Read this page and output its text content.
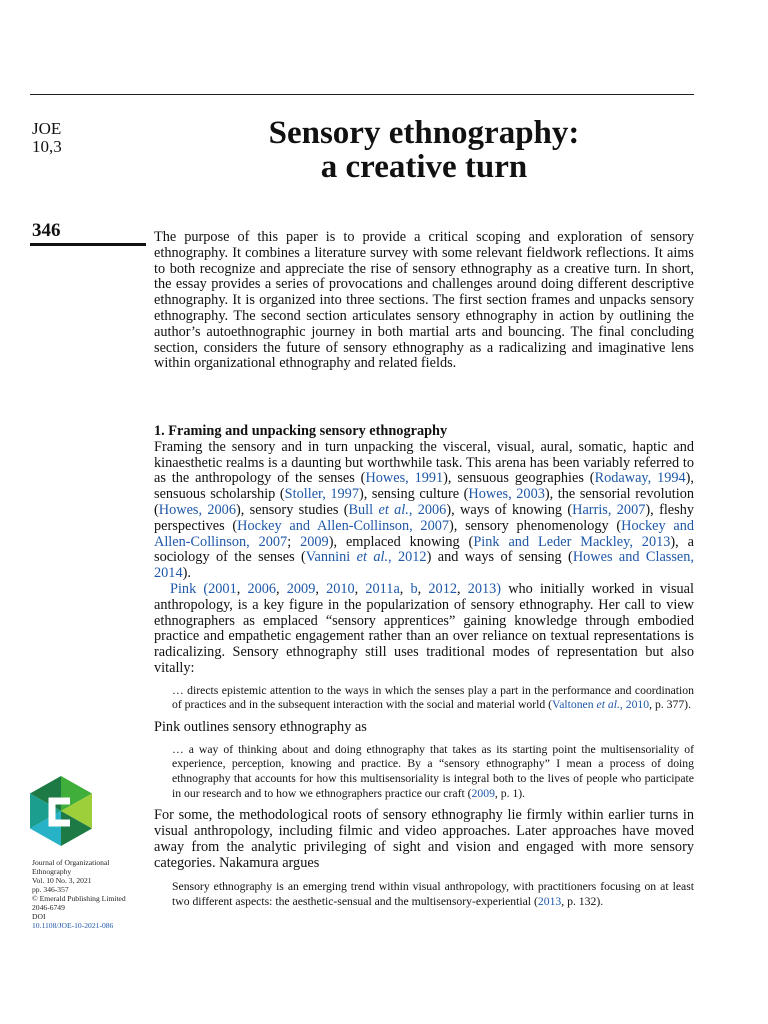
JOE
10,3	Sensory ethnography:
a creative turn
346	The purpose of this paper is to provide a critical scoping and exploration of sensory ethnography. It combines a literature survey with some relevant fieldwork reflections. It aims to both recognize and appreciate the rise of sensory ethnography as a creative turn. In short, the essay provides a series of provocations and challenges around doing different descriptive ethnography. It is organized into three sections. The first section frames and unpacks sensory ethnography. The second section articulates sensory ethnography in action by outlining the author’s autoethnographic journey in both martial arts and bouncing. The final concluding section, considers the future of sensory ethnography as a radicalizing and imaginative lens within organizational ethnography and related fields.

1. Framing and unpacking sensory ethnography

Framing the sensory and in turn unpacking the visceral, visual, aural, somatic, haptic and kinaesthetic realms is a daunting but worthwhile task. This arena has been variably referred to as the anthropology of the senses (Howes, 1991), sensuous geographies (Rodaway, 1994), sensuous scholarship (Stoller, 1997), sensing culture (Howes, 2003), the sensorial revolution (Howes, 2006), sensory studies (Bull et al., 2006), ways of knowing (Harris, 2007), fleshy perspectives (Hockey and Allen-Collinson, 2007), sensory phenomenology (Hockey and Allen-Collinson, 2007; 2009), emplaced knowing (Pink and Leder Mackley, 2013), a sociology of the senses (Vannini et al., 2012) and ways of sensing (Howes and Classen, 2014).

Pink (2001, 2006, 2009, 2010, 2011a, b, 2012, 2013) who initially worked in visual anthropology, is a key figure in the popularization of sensory ethnography. Her call to view ethnographers as emplaced “sensory apprentices” gaining knowledge through embodied practice and empathetic engagement rather than an over reliance on textual representations is radicalizing. Sensory ethnography still uses traditional modes of representation but also vitally:

… directs epistemic attention to the ways in which the senses play a part in the performance and coordination of practices and in the subsequent interaction with the social and material world (Valtonen et al., 2010, p. 377).

Pink outlines sensory ethnography as

… a way of thinking about and doing ethnography that takes as its starting point the multisensoriality of experience, perception, knowing and practice. By a “sensory ethnography” I mean a process of doing ethnography that accounts for how this multisensoriality is integral both to the lives of people who participate in our research and to how we ethnographers practice our craft (2009, p. 1).

For some, the methodological roots of sensory ethnography lie firmly within earlier turns in visual anthropology, including filmic and video approaches. Later approaches have moved away from the analytic privileging of sight and vision and engaged with more sensory categories. Nakamura argues

Sensory ethnography is an emerging trend within visual anthropology, with practitioners focusing on at least two different aspects: the aesthetic-sensual and the multisensory-experiential (2013, p. 132).
Journal of Organizational
Ethnography
Vol. 10 No. 3, 2021
pp. 346-357
© Emerald Publishing Limited
2046-6749
DOI
10.1108/JOE-10-2021-086
